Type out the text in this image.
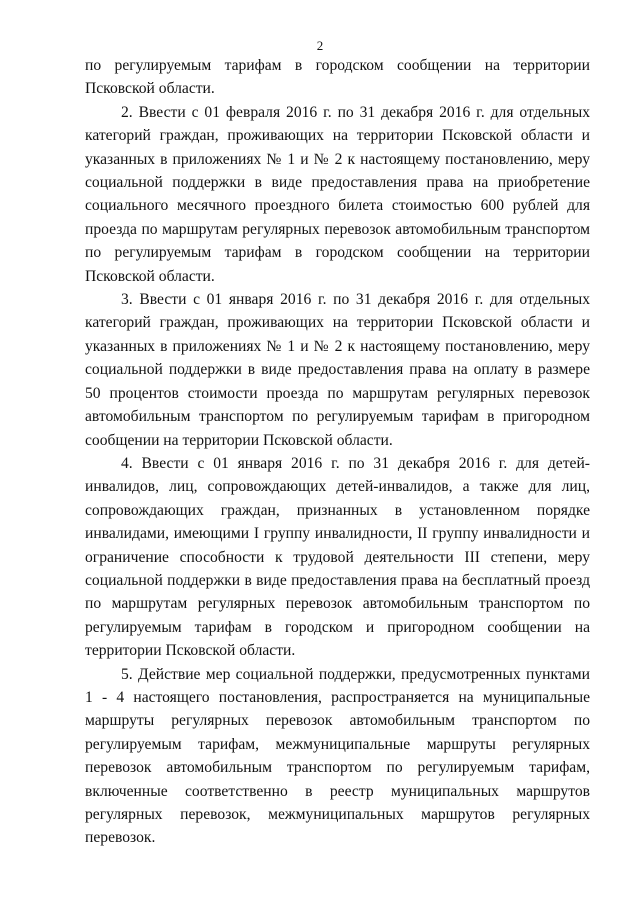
2

по регулируемым тарифам в городском сообщении на территории Псковской области.

2. Ввести с 01 февраля 2016 г. по 31 декабря 2016 г. для отдельных категорий граждан, проживающих на территории Псковской области и указанных в приложениях № 1 и № 2 к настоящему постановлению, меру социальной поддержки в виде предоставления права на приобретение социального месячного проездного билета стоимостью 600 рублей для проезда по маршрутам регулярных перевозок автомобильным транспортом по регулируемым тарифам в городском сообщении на территории Псковской области.

3. Ввести с 01 января 2016 г. по 31 декабря 2016 г. для отдельных категорий граждан, проживающих на территории Псковской области и указанных в приложениях № 1 и № 2 к настоящему постановлению, меру социальной поддержки в виде предоставления права на оплату в размере 50 процентов стоимости проезда по маршрутам регулярных перевозок автомобильным транспортом по регулируемым тарифам в пригородном сообщении на территории Псковской области.

4. Ввести с 01 января 2016 г. по 31 декабря 2016 г. для детей-инвалидов, лиц, сопровождающих детей-инвалидов, а также для лиц, сопровождающих граждан, признанных в установленном порядке инвалидами, имеющими I группу инвалидности, II группу инвалидности и ограничение способности к трудовой деятельности III степени, меру социальной поддержки в виде предоставления права на бесплатный проезд по маршрутам регулярных перевозок автомобильным транспортом по регулируемым тарифам в городском и пригородном сообщении на территории Псковской области.

5. Действие мер социальной поддержки, предусмотренных пунктами 1 - 4 настоящего постановления, распространяется на муниципальные маршруты регулярных перевозок автомобильным транспортом по регулируемым тарифам, межмуниципальные маршруты регулярных перевозок автомобильным транспортом по регулируемым тарифам, включенные соответственно в реестр муниципальных маршрутов регулярных перевозок, межмуниципальных маршрутов регулярных перевозок.
